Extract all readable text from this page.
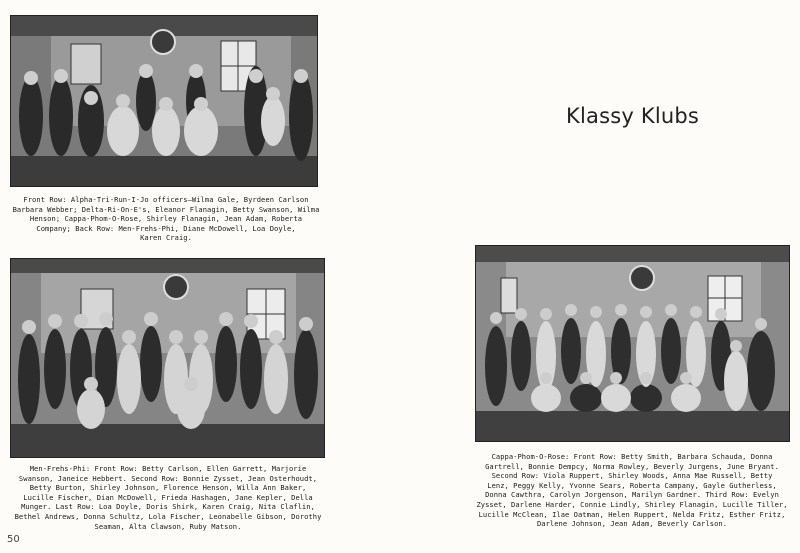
Front Row: Alpha-Tri-Run-I-Jo officers—Wilma Gale, Byrdeen Carlson
Barbara Webber; Delta-Ri-On-E's, Eleanor Flanagin, Betty Swanson, Wilma
Henson; Cappa-Phom-O-Rose, Shirley Flanagin, Jean Adam, Roberta
Company; Back Row: Men-Frehs-Phi, Diane McDowell, Loa Doyle,
Karen Craig.

Men-Frehs-Phi: Front Row: Betty Carlson, Ellen Garrett, Marjorie
Swanson, Janeice Hebbert. Second Row: Bonnie Zysset, Jean Osterhoudt,
Betty Burton, Shirley Johnson, Florence Henson, Willa Ann Baker,
Lucille Fischer, Dian McDowell, Frieda Hashagen, Jane Kepler, Della
Munger. Last Row: Loa Doyle, Doris Shirk, Karen Craig, Nita Claflin,
Bethel Andrews, Donna Schultz, Lola Fischer, Leonabelle Gibson, Dorothy
Seaman, Alta Clawson, Ruby Matson.

Klassy Klubs

Cappa-Phom-O-Rose: Front Row: Betty Smith, Barbara Schauda, Donna
Gartrell, Bonnie Dempcy, Norma Rowley, Beverly Jurgens, June Bryant.
Second Row: Viola Ruppert, Shirley Woods, Anna Mae Russell, Betty
Lenz, Peggy Kelly, Yvonne Sears, Roberta Campany, Gayle Gutherless,
Donna Cawthra, Carolyn Jorgenson, Marilyn Gardner. Third Row: Evelyn
Zysset, Darlene Harder, Connie Lindly, Shirley Flanagin, Lucille Tiller,
Lucille McClean, Ilae Oatman, Helen Ruppert, Nelda Fritz, Esther Fritz,
Darlene Johnson, Jean Adam, Beverly Carlson.

50
